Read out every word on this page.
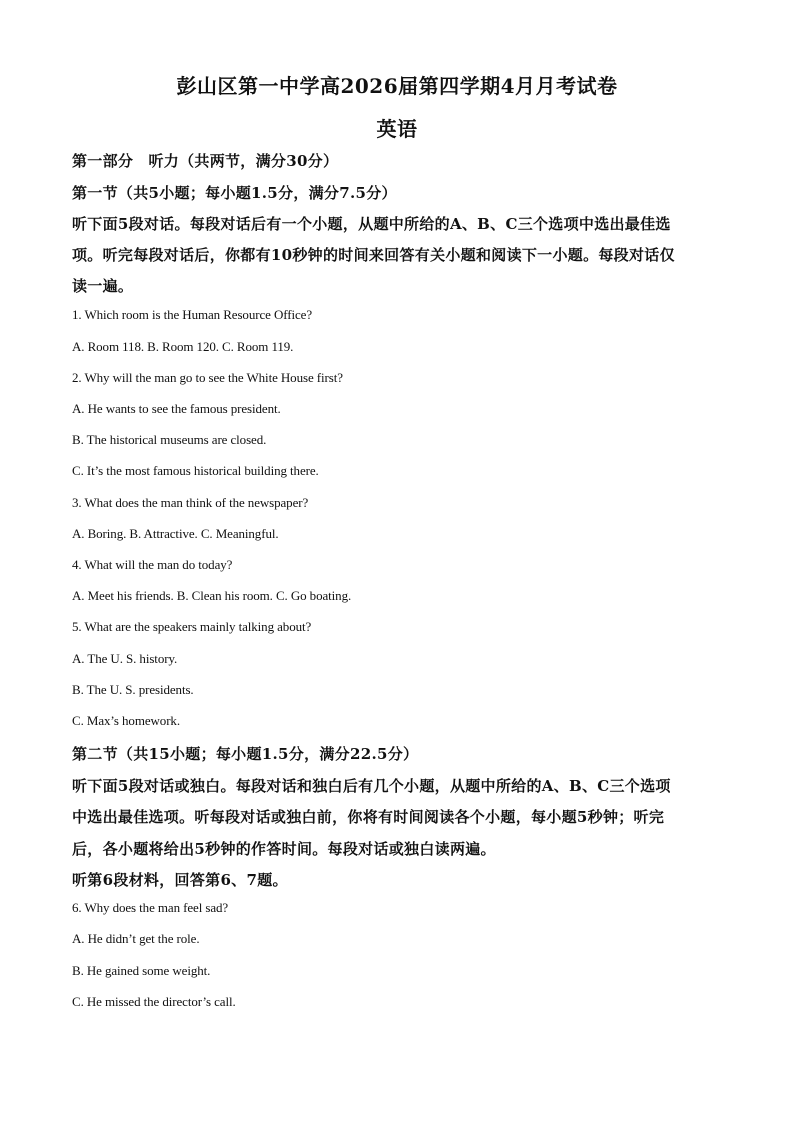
彭山区第一中学高2026届第四学期4月月考试卷
英语
第一部分　听力（共两节，满分30分）
第一节（共5小题；每小题1.5分，满分7.5分）
听下面5段对话。每段对话后有一个小题，从题中所给的A、B、C三个选项中选出最佳选
项。听完每段对话后，你都有10秒钟的时间来回答有关小题和阅读下一小题。每段对话仅
读一遍。
1. Which room is the Human Resource Office?
A. Room 118. B. Room 120. C. Room 119.
2. Why will the man go to see the White House first?
A. He wants to see the famous president.
B. The historical museums are closed.
C. It’s the most famous historical building there.
3. What does the man think of the newspaper?
A. Boring. B. Attractive. C. Meaningful.
4. What will the man do today?
A. Meet his friends. B. Clean his room. C. Go boating.
5. What are the speakers mainly talking about?
A. The U. S. history.
B. The U. S. presidents.
C. Max’s homework.
第二节（共15小题；每小题1.5分，满分22.5分）
听下面5段对话或独白。每段对话和独白后有几个小题，从题中所给的A、B、C三个选项
中选出最佳选项。听每段对话或独白前，你将有时间阅读各个小题，每小题5秒钟；听完
后，各小题将给出5秒钟的作答时间。每段对话或独白读两遍。
听第6段材料，回答第6、7题。
6. Why does the man feel sad?
A. He didn’t get the role.
B. He gained some weight.
C. He missed the director’s call.
